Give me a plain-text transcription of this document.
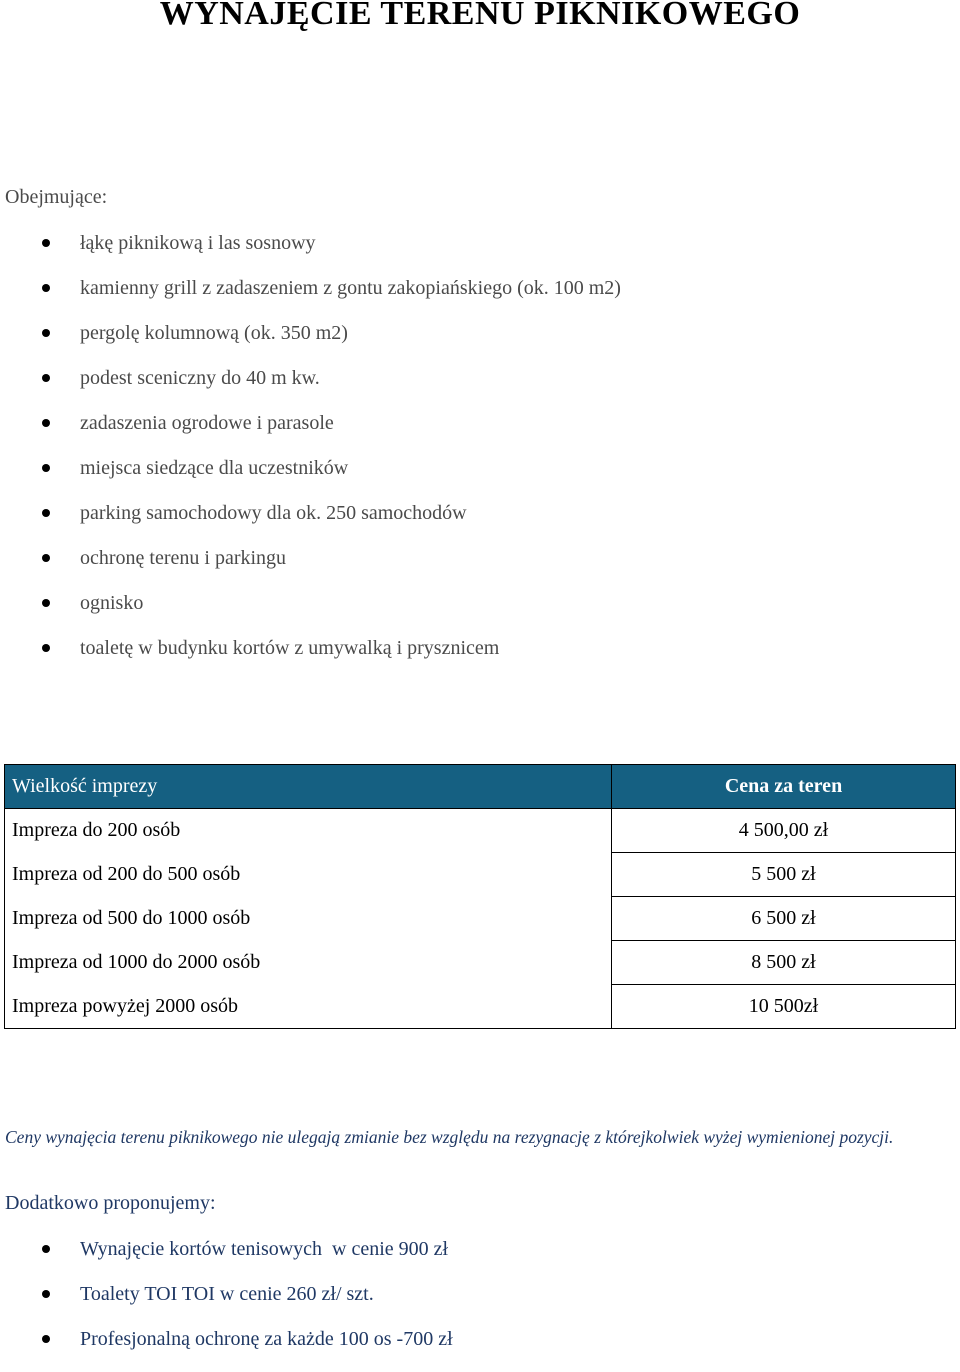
WYNAJĘCIE TERENU PIKNIKOWEGO
Obejmujące:
łąkę piknikową i las sosnowy
kamienny grill z zadaszeniem z gontu zakopiańskiego (ok. 100 m2)
pergolę kolumnową (ok. 350 m2)
podest sceniczny do 40 m kw.
zadaszenia ogrodowe i parasole
miejsca siedzące dla uczestników
parking samochodowy dla ok. 250 samochodów
ochronę terenu i parkingu
ognisko
toaletę w budynku kortów z umywalką i prysznicem
Wielkość imprezy	Cena za teren
Impreza do 200 osób	4 500,00 zł
Impreza od 200 do 500 osób	5 500 zł
Impreza od 500 do 1000 osób	6 500 zł
Impreza od 1000 do 2000 osób	8 500 zł
Impreza powyżej 2000 osób	10 500zł

Ceny wynajęcia terenu piknikowego nie ulegają zmianie bez względu na rezygnację z którejkolwiek wyżej wymienionej pozycji.

Dodatkowo proponujemy:
Wynajęcie kortów tenisowych  w cenie 900 zł
Toalety TOI TOI w cenie 260 zł/ szt.
Profesjonalną ochronę za każde 100 os -700 zł
